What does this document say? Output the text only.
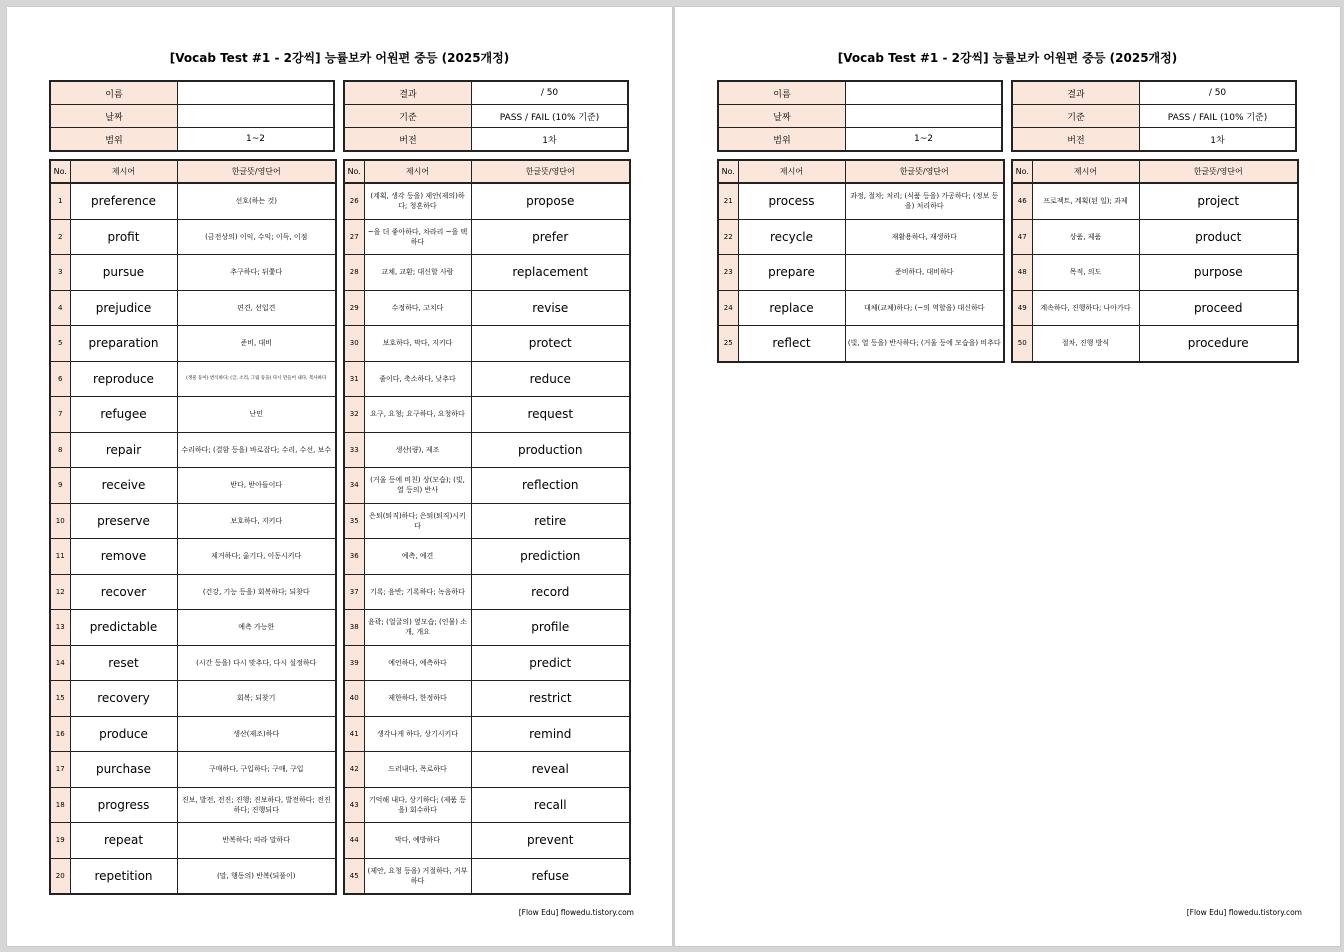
[Vocab Test #1 - 2강씩] 능률보카 어원편 중등 (2025개정)
이름	
날짜	
범위	1~2
결과	/ 50
기준	PASS / FAIL (10% 기준)
버전	1차
No.	제시어	한글뜻/영단어
1	preference	선호(하는 것)
2	profit	(금전상의) 이익, 수익; 이득, 이점
3	pursue	추구하다; 뒤쫓다
4	prejudice	편견, 선입견
5	preparation	준비, 대비
6	reproduce	(생물 등이) 번식하다; (글, 소리, 그림 등을) 다시 만들어 내다, 복사하다
7	refugee	난민
8	repair	수리하다; (결함 등을) 바로잡다; 수리, 수선, 보수
9	receive	받다, 받아들이다
10	preserve	보호하다, 지키다
11	remove	제거하다; 옮기다, 이동시키다
12	recover	(건강, 기능 등을) 회복하다; 되찾다
13	predictable	예측 가능한
14	reset	(시간 등을) 다시 맞추다, 다시 설정하다
15	recovery	회복; 되찾기
16	produce	생산(제조)하다
17	purchase	구매하다, 구입하다; 구매, 구입
18	progress	진보, 발전, 전진; 진행; 진보하다, 발전하다; 전진하다; 진행되다
19	repeat	반복하다; 따라 말하다
20	repetition	(말, 행동의) 반복(되풀이)
No.	제시어	한글뜻/영단어
26	(계획, 생각 등을) 제안(제의)하다; 청혼하다	propose
27	~을 더 좋아하다, 차라리 ~을 택하다	prefer
28	교체, 교환; 대신할 사람	replacement
29	수정하다, 고치다	revise
30	보호하다, 막다, 지키다	protect
31	줄이다, 축소하다, 낮추다	reduce
32	요구, 요청; 요구하다, 요청하다	request
33	생산(량), 제조	production
34	(거울 등에 비친) 상(모습); (빛, 열 등의) 반사	reflection
35	은퇴(퇴직)하다; 은퇴(퇴직)시키다	retire
36	예측, 예견	prediction
37	기록; 음반; 기록하다; 녹음하다	record
38	윤곽; (얼굴의) 옆모습; (인물) 소개, 개요	profile
39	예언하다, 예측하다	predict
40	제한하다, 한정하다	restrict
41	생각나게 하다, 상기시키다	remind
42	드러내다, 폭로하다	reveal
43	기억해 내다, 상기하다; (제품 등을) 회수하다	recall
44	막다, 예방하다	prevent
45	(제안, 요청 등을) 거절하다, 거부하다	refuse
[Flow Edu] flowedu.tistory.com
[Vocab Test #1 - 2강씩] 능률보카 어원편 중등 (2025개정)
이름	
날짜	
범위	1~2
결과	/ 50
기준	PASS / FAIL (10% 기준)
버전	1차
No.	제시어	한글뜻/영단어
21	process	과정, 절차; 처리; (식품 등을) 가공하다; (정보 등을) 처리하다
22	recycle	재활용하다, 재생하다
23	prepare	준비하다, 대비하다
24	replace	대체(교체)하다; (~의 역할을) 대신하다
25	reflect	(빛, 열 등을) 반사하다; (거울 등에 모습을) 비추다
No.	제시어	한글뜻/영단어
46	프로젝트, 계획(된 일); 과제	project
47	상품, 제품	product
48	목적, 의도	purpose
49	계속하다, 진행하다; 나아가다	proceed
50	절차, 진행 방식	procedure
[Flow Edu] flowedu.tistory.com
